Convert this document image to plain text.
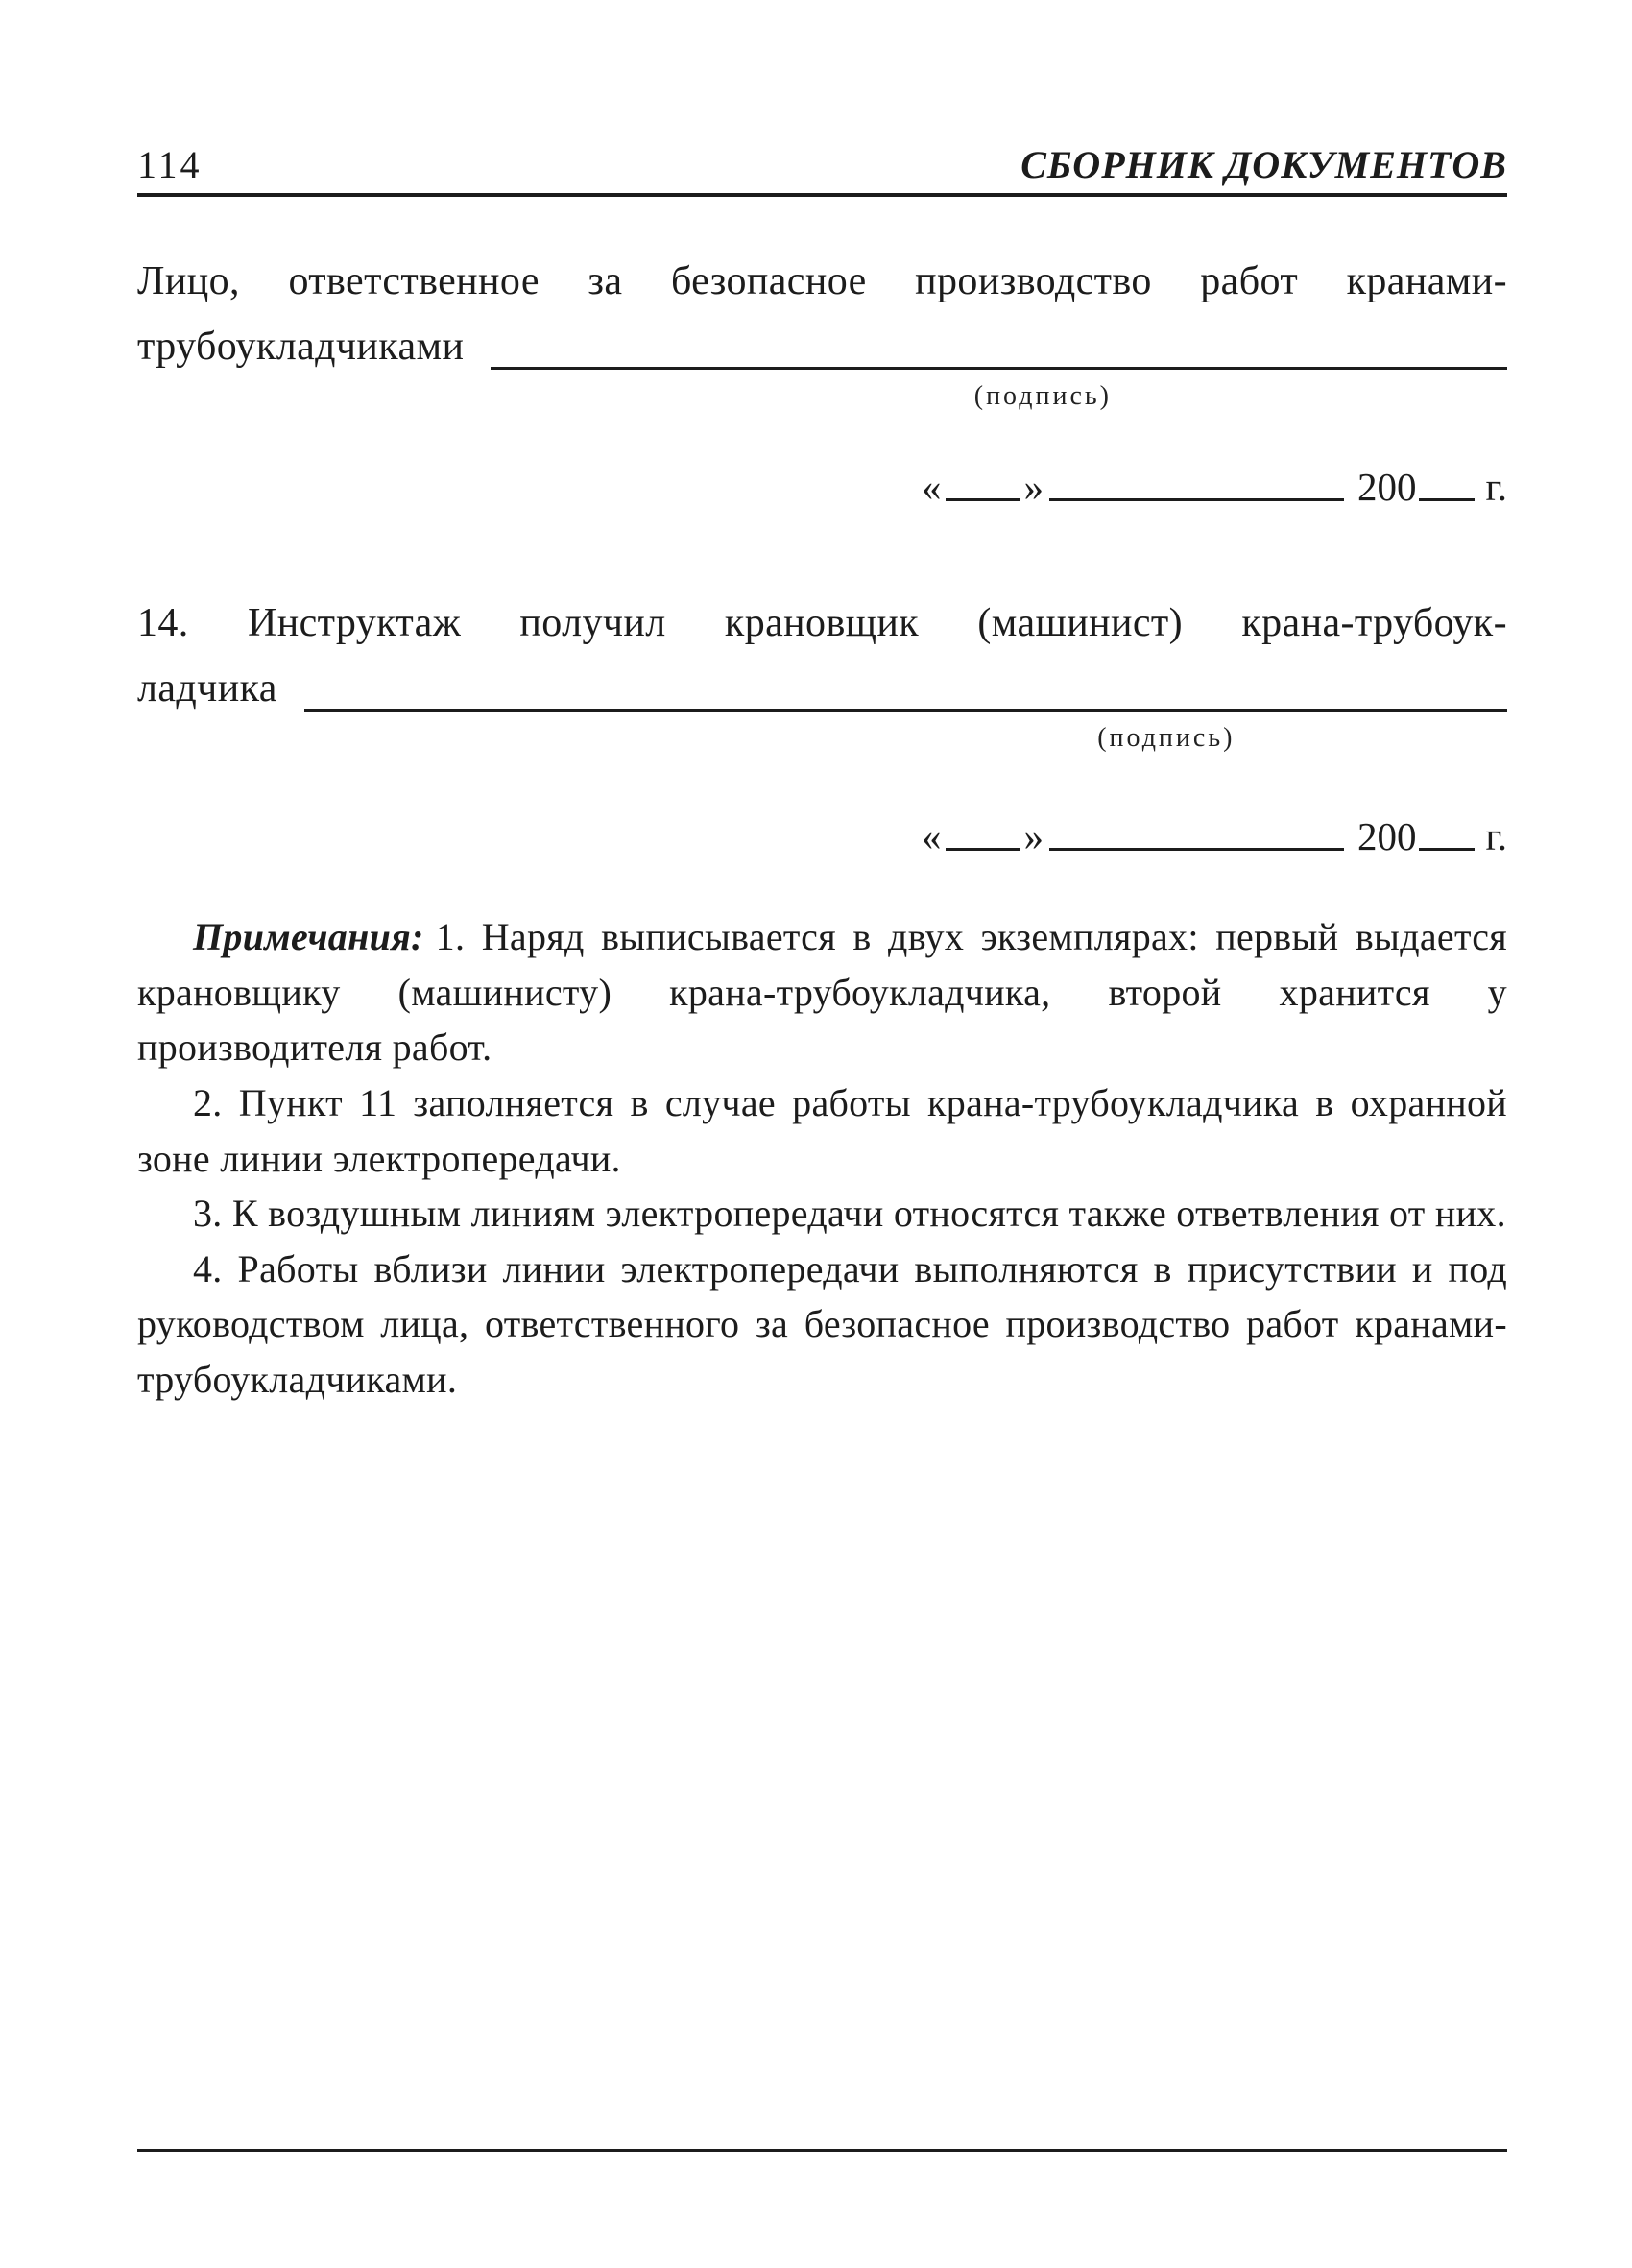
114	СБОРНИК ДОКУМЕНТОВ
Лицо, ответственное за безопасное производство работ кранами-
трубоукладчиками
(подпись)
« »	200 г.
14. Инструктаж получил крановщик (машинист) крана-трубоук-
ладчика
(подпись)
« »	200 г.

Примечания: 1. Наряд выписывается в двух экземплярах: первый выдается крановщику (машинисту) крана-трубоукладчика, второй хранится у производителя работ.

2. Пункт 11 заполняется в случае работы крана-трубоукладчика в охранной зоне линии электропередачи.

3. К воздушным линиям электропередачи относятся также ответвления от них.

4. Работы вблизи линии электропередачи выполняются в присутствии и под руководством лица, ответственного за безопасное производство работ кранами-трубоукладчиками.
